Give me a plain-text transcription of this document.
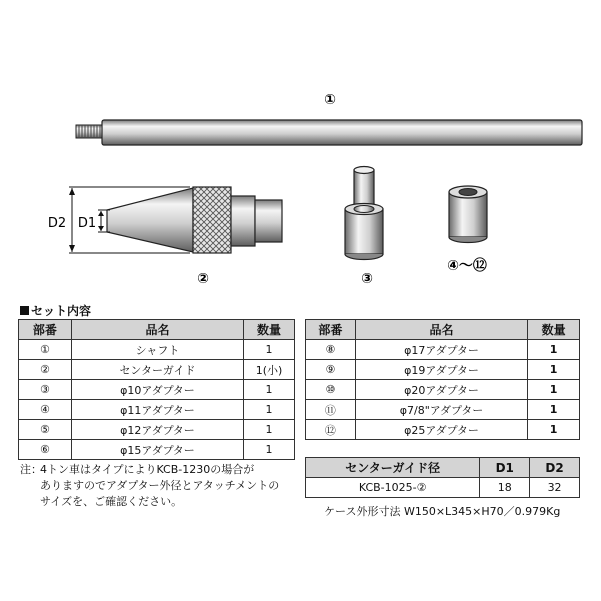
①
D2 D1
②	③
④〜⑫
セット内容
部番	品名	数量
①	シャフト	1
②	センターガイド	1(小)
③	φ10アダプター	1
④	φ11アダプター	1
⑤	φ12アダプター	1
⑥	φ15アダプター	1
部番	品名	数量
⑧	φ17アダプター	1
⑨	φ19アダプター	1
⑩	φ20アダプター	1
⑪	φ7/8"アダプター	1
⑫	φ25アダプター	1
注：4トン車はタイプによりKCB-1230の場合が
ありますのでアダプター外径とアタッチメントの
サイズを、ご確認ください。
センターガイド径	D1	D2
KCB-1025-②	18	32
ケース外形寸法 W150×L345×H70／0.979Kg
